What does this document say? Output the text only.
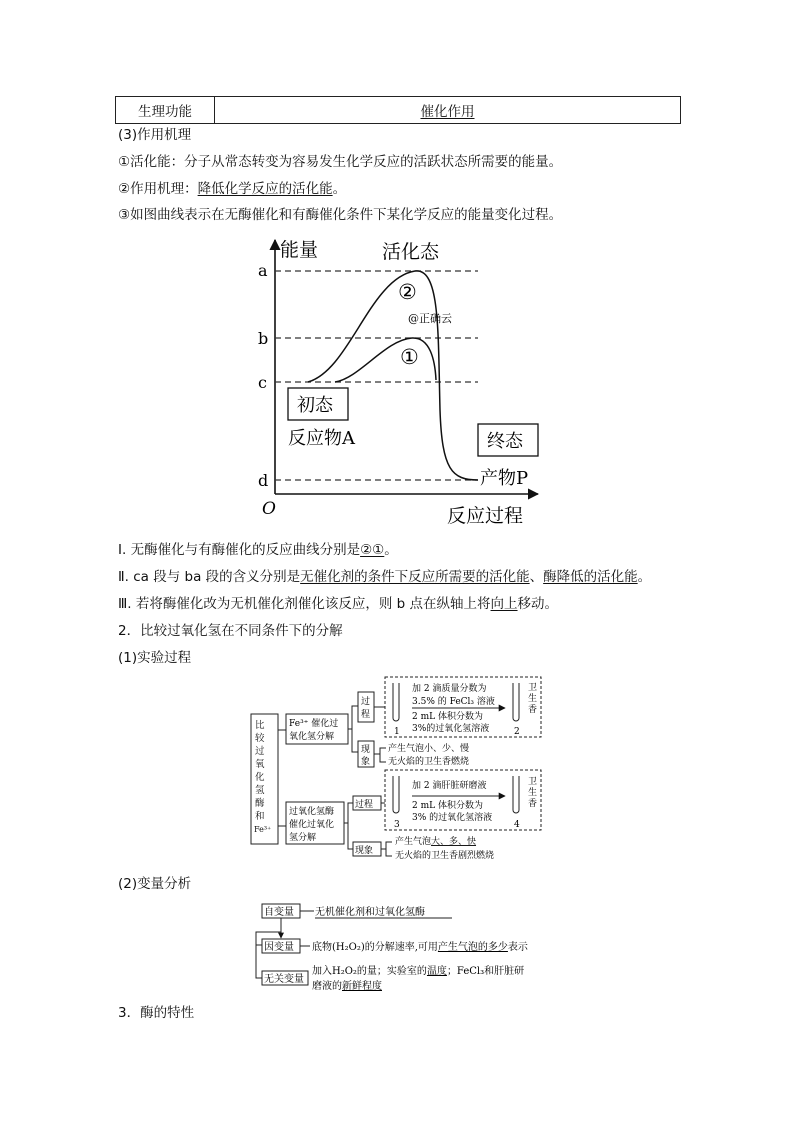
生理功能	催化作用
(3)作用机理
①活化能：分子从常态转变为容易发生化学反应的活跃状态所需要的能量。
②作用机理：降低化学反应的活化能。
③如图曲线表示在无酶催化和有酶催化条件下某化学反应的能量变化过程。
能量
a
b
c
d
O	反应过程
活化态
②
①
@正确云
初态
反应物A	终态
产物P
Ⅰ. 无酶催化与有酶催化的反应曲线分别是②①。
Ⅱ. ca 段与 ba 段的含义分别是无催化剂的条件下反应所需要的活化能、酶降低的活化能。
Ⅲ. 若将酶催化改为无机催化剂催化该反应，则 b 点在纵轴上将向上移动。
2．比较过氧化氢在不同条件下的分解
(1)实验过程
比
较
过
氧
化
氢
酶
和
Fe³⁺
Fe³⁺ 催化过
氧化氢分解
过
程
1
加 2 滴质量分数为
3.5% 的 FeCl₃ 溶液
2 mL 体积分数为
3%的过氧化氢溶液	2
卫
生
香
现
象
产生气泡小、少、慢
无火焰的卫生香燃烧
过氧化氢酶
催化过氧化
氢分解
过程
3
加 2 滴肝脏研磨液
2 mL 体积分数为
3% 的过氧化氢溶液
4
卫
生
香
现象
产生气泡大、多、快
无火焰的卫生香剧烈燃烧
(2)变量分析
自变量 无机催化剂和过氧化氢酶
因变量 底物(H₂O₂)的分解速率,可用产生气泡的多少表示
无关变量
加入H₂O₂的量；实验室的温度；FeCl₃和肝脏研
磨液的新鲜程度
3．酶的特性
